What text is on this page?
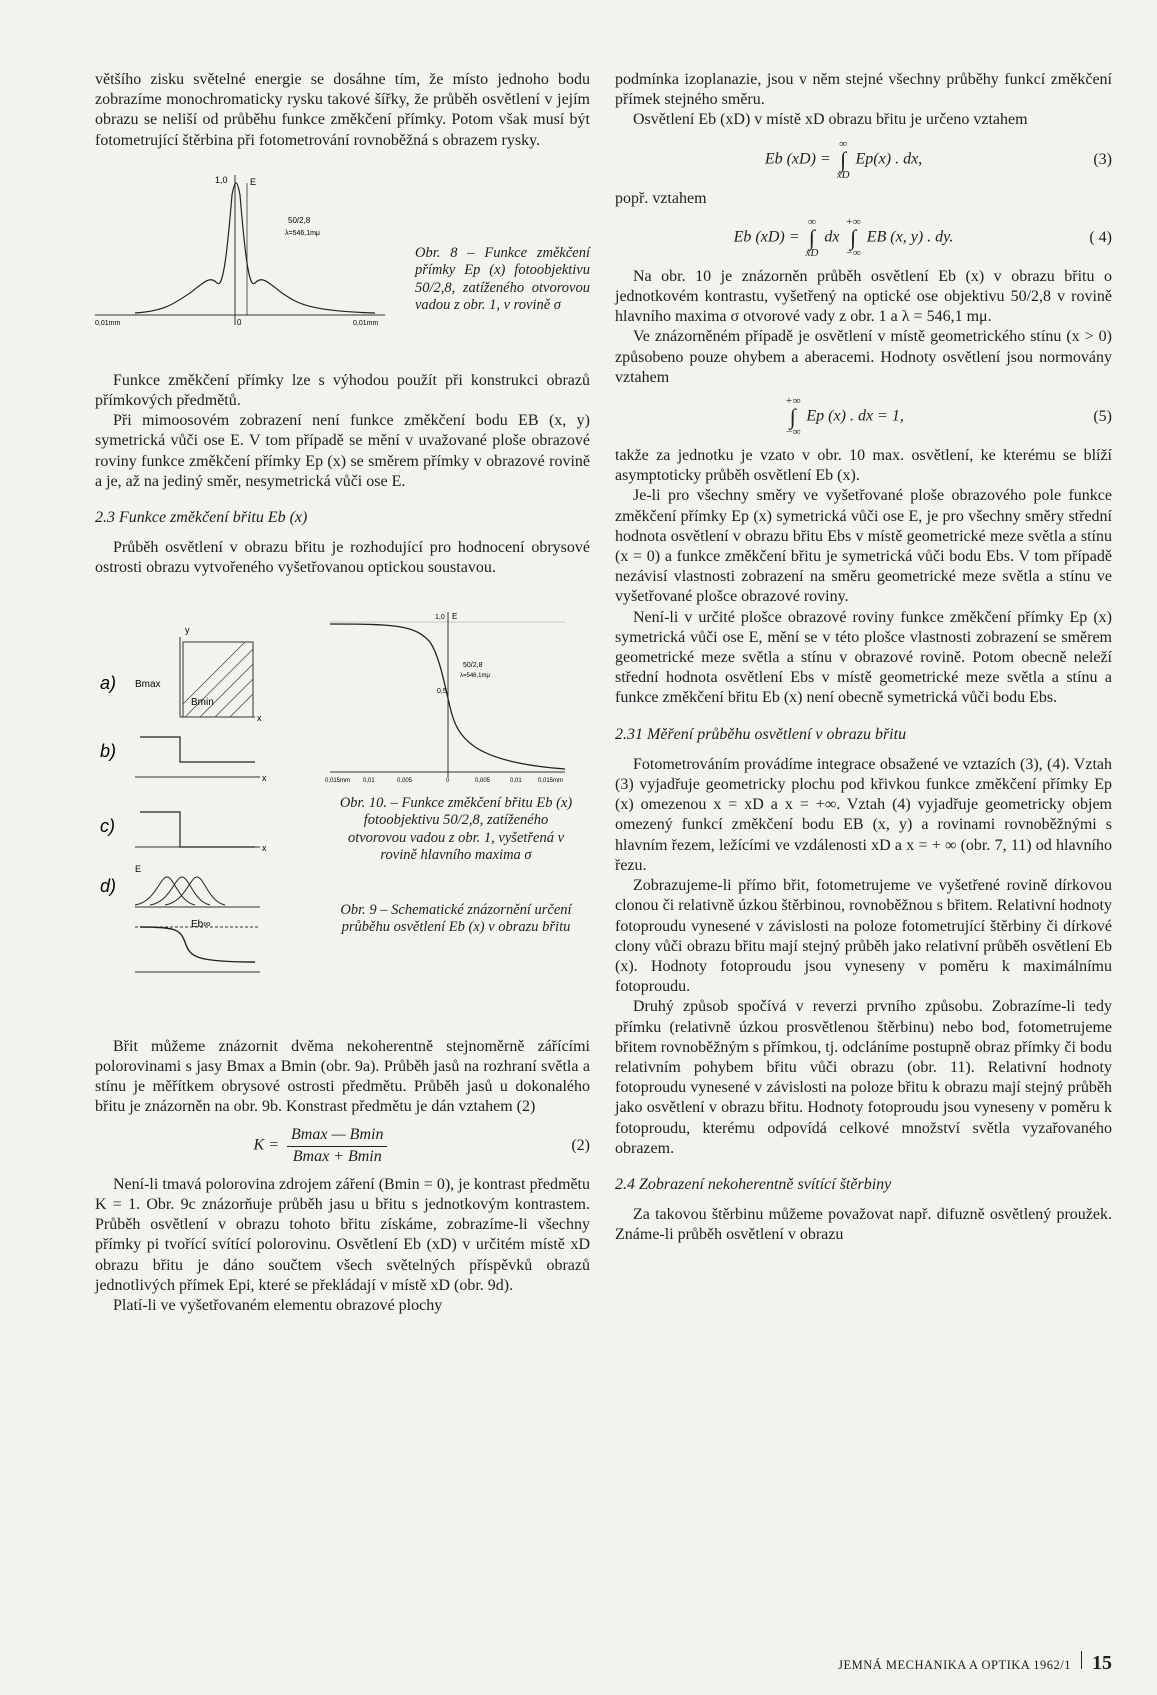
většího zisku světelné energie se dosáhne tím, že místo jednoho bodu zobrazíme monochromaticky rysku takové šířky, že průběh osvětlení v jejím obrazu se neliší od průběhu funkce změkčení přímky. Potom však musí být fotometrující štěrbina při fotometrování rovnoběžná s obrazem rysky.

1,0 E
50/2,8
λ=546,1mμ
0,01mm	0	0,01mm
Obr. 8 – Funkce změkčení přímky Ep (x) fotoobjektivu 50/2,8, zatíženého otvorovou vadou z obr. 1, v rovině σ

Funkce změkčení přímky lze s výhodou použít při konstrukci obrazů přímkových předmětů.

Při mimoosovém zobrazení není funkce změkčení bodu EB (x, y) symetrická vůči ose E. V tom případě se mění v uvažované ploše obrazové roviny funkce změkčení přímky Ep (x) se směrem přímky v obrazové rovině a je, až na jediný směr, nesymetrická vůči ose E.

2.3 Funkce změkčení břitu Eb (x)

Průběh osvětlení v obrazu břitu je rozhodující pro hodnocení obrysové ostrosti obrazu vytvořeného vyšetřovanou optickou soustavou.

a) Bmax
Bmin
y
x
b)
x
c)
x
d)
E
Eb∞
1,0 E
0,5
50/2,8
λ=546,1mμ
0,015mm 0,01	0,005	0	0,005	0,01	0,015mm
Obr. 10. – Funkce změkčení břitu Eb (x) fotoobjektivu 50/2,8, zatíženého otvorovou vadou z obr. 1, vyšetřená v rovině hlavního maxima σ
Obr. 9 – Schematické znázornění určení průběhu osvětlení Eb (x) v obrazu břitu

Břit můžeme znázornit dvěma nekoherentně stejnoměrně zářícími polorovinami s jasy Bmax a Bmin (obr. 9a). Průběh jasů na rozhraní světla a stínu je měřítkem obrysové ostrosti předmětu. Průběh jasů u dokonalého břitu je znázorněn na obr. 9b. Konstrast předmětu je dán vztahem (2)

$K = \frac{Bmax — Bmin}{Bmax + Bmin}$	(2)

Není-li tmavá polorovina zdrojem záření (Bmin = 0), je kontrast předmětu K = 1. Obr. 9c znázorňuje průběh jasu u břitu s jednotkovým kontrastem. Průběh osvětlení v obrazu tohoto břitu získáme, zobrazíme-li všechny přímky pi tvořící svítící polorovinu. Osvětlení Eb (xD) v určitém místě xD obrazu břitu je dáno součtem všech světelných příspěvků obrazů jednotlivých přímek Epi, které se překládají v místě xD (obr. 9d).

Platí-li ve vyšetřovaném elementu obrazové plochy

podmínka izoplanazie, jsou v něm stejné všechny průběhy funkcí změkčení přímek stejného směru.

Osvětlení Eb (xD) v místě xD obrazu břitu je určeno vztahem

Eb (xD) =
∞
∫
xD
Ep(x) . dx,	(3)

popř. vztahem

Eb (xD) =
∞
∫
xD
dx
+∞
∫
−∞
EB (x, y) . dy.	( 4)

Na obr. 10 je znázorněn průběh osvětlení Eb (x) v obrazu břitu o jednotkovém kontrastu, vyšetřený na optické ose objektivu 50/2,8 v rovině hlavního maxima σ otvorové vady z obr. 1 a λ = 546,1 mμ.

Ve znázorněném případě je osvětlení v místě geometrického stínu (x > 0) způsobeno pouze ohybem a aberacemi. Hodnoty osvětlení jsou normovány vztahem

+∞
∫
−∞
Ep (x) . dx = 1,	(5)

takže za jednotku je vzato v obr. 10 max. osvětlení, ke kterému se blíží asymptoticky průběh osvětlení Eb (x).

Je-li pro všechny směry ve vyšetřované ploše obrazového pole funkce změkčení přímky Ep (x) symetrická vůči ose E, je pro všechny směry střední hodnota osvětlení v obrazu břitu Ebs v místě geometrické meze světla a stínu (x = 0) a funkce změkčení břitu je symetrická vůči bodu Ebs. V tom případě nezávisí vlastnosti zobrazení na směru geometrické meze světla a stínu ve vyšetřované plošce obrazové roviny.

Není-li v určité plošce obrazové roviny funkce změkčení přímky Ep (x) symetrická vůči ose E, mění se v této plošce vlastnosti zobrazení se směrem geometrické meze světla a stínu v obrazové rovině. Potom obecně neleží střední hodnota osvětlení Ebs v místě geometrické meze světla a stínu a funkce změkčení břitu Eb (x) není obecně symetrická vůči bodu Ebs.

2.31 Měření průběhu osvětlení v obrazu břitu

Fotometrováním provádíme integrace obsažené ve vztazích (3), (4). Vztah (3) vyjadřuje geometricky plochu pod křivkou funkce změkčení přímky Ep (x) omezenou x = xD a x = +∞. Vztah (4) vyjadřuje geometricky objem omezený funkcí změkčení bodu EB (x, y) a rovinami rovnoběžnými s hlavním řezem, ležícími ve vzdálenosti xD a x = + ∞ (obr. 7, 11) od hlavního řezu.

Zobrazujeme-li přímo břit, fotometrujeme ve vyšetřené rovině dírkovou clonou či relativně úzkou štěrbinou, rovnoběžnou s břitem. Relativní hodnoty fotoproudu vynesené v závislosti na poloze fotometrující štěrbiny či dírkové clony vůči obrazu břitu mají stejný průběh jako relativní průběh osvětlení Eb (x). Hodnoty fotoproudu jsou vyneseny v poměru k maximálnímu fotoproudu.

Druhý způsob spočívá v reverzi prvního způsobu. Zobrazíme-li tedy přímku (relativně úzkou prosvětlenou štěrbinu) nebo bod, fotometrujeme břitem rovnoběžným s přímkou, tj. odcláníme postupně obraz přímky či bodu relativním pohybem břitu vůči obrazu (obr. 11). Relativní hodnoty fotoproudu vynesené v závislosti na poloze břitu k obrazu mají stejný průběh jako osvětlení v obrazu břitu. Hodnoty fotoproudu jsou vyneseny v poměru k fotoproudu, kterému odpovídá celkové množství světla vyzařovaného obrazem.

2.4 Zobrazení nekoherentně svítící štěrbiny

Za takovou štěrbinu můžeme považovat např. difuzně osvětlený proužek. Známe-li průběh osvětlení v obrazu

JEMNÁ MECHANIKA A OPTIKA 1962/1 15
